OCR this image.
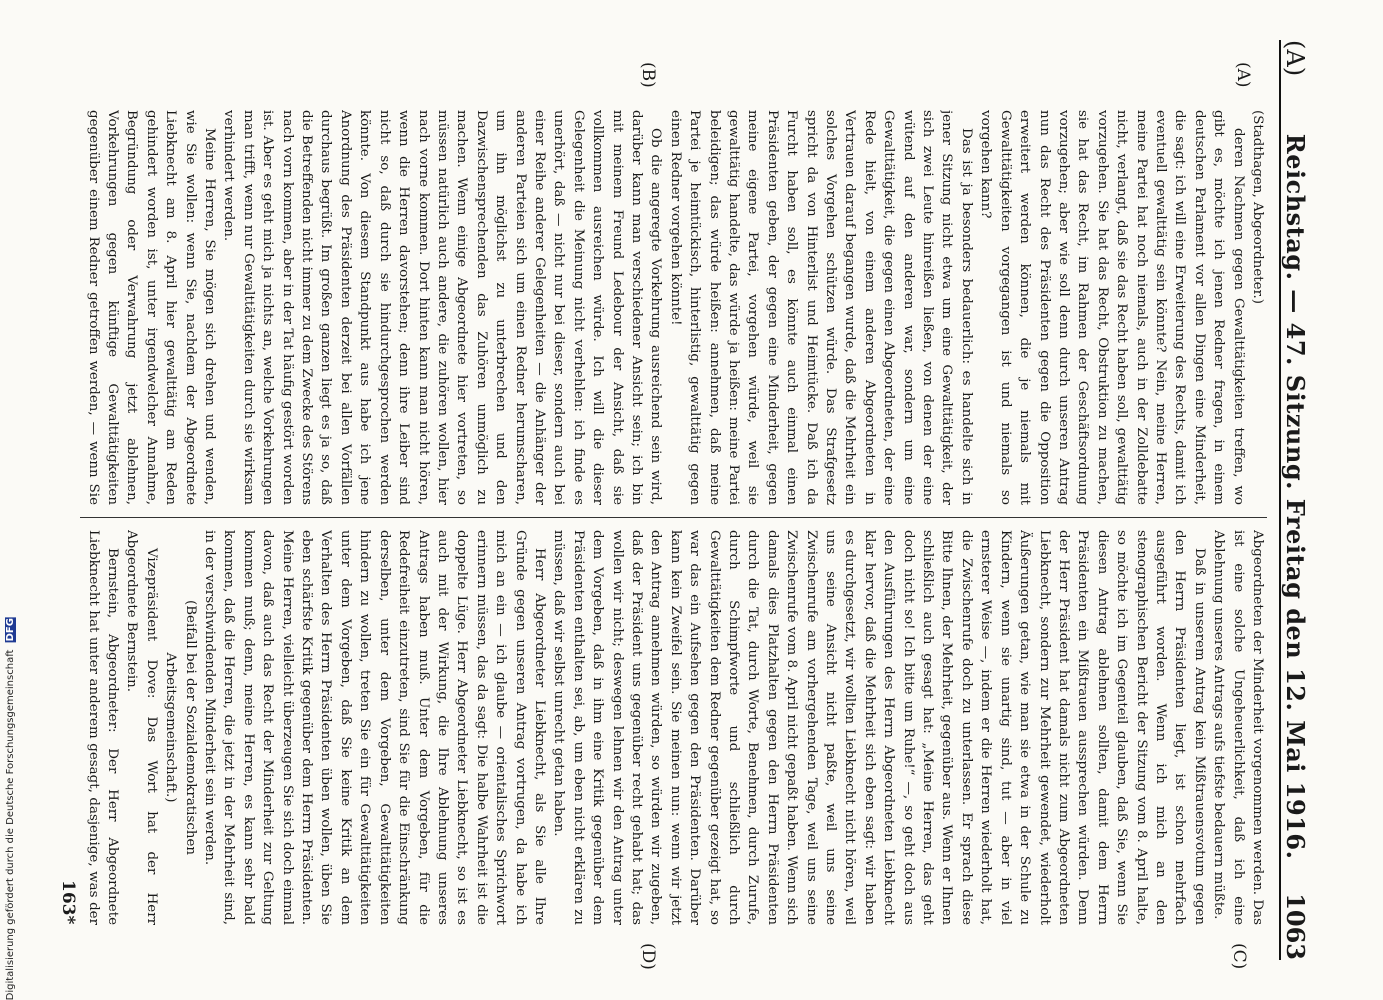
(A)
Reichstag. — 47. Sitzung. Freitag den 12. Mai 1916.
1063
(A)
(B)
(C)
(D)

(Stadthagen, Abgeordneter.)

deren Nachmen gegen Gewalttätigkeiten treffen, wo gibt es, möchte ich jenen Redner fragen, in einem deutschen Parlament vor allen Dingen eine Minderheit, die sagt: ich will eine Erweiterung des Rechts, damit ich eventuell gewalttätig sein könnte? Nein, meine Herren, meine Partei hat noch niemals, auch in der Zolldebatte nicht, verlangt, daß sie das Recht haben soll, gewalttätig vorzugehen. Sie hat das Recht, Obstruktion zu machen, sie hat das Recht, im Rahmen der Geschäftsordnung vorzugehen; aber wie soll denn durch unseren Antrag nun das Recht des Präsidenten gegen die Opposition erweitert werden können, die je niemals mit Gewalttätigkeiten vorgegangen ist und niemals so vorgehen kann?

Das ist ja besonders bedauerlich: es handelte sich in jener Sitzung nicht etwa um eine Gewalttätigkeit, der sich zwei Leute hinreißen ließen, von denen der eine wütend auf den anderen war, sondern um eine Gewalttätigkeit, die gegen einen Abgeordneten, der eine Rede hielt, von einem anderen Abgeordneten in Vertrauen darauf begangen wurde, daß die Mehrheit ein solches Vorgehen schützen würde. Das Strafgesetz spricht da von Hinterlist und Heimtücke. Daß ich da Furcht haben soll, es könnte auch einmal einen Präsidenten geben, der gegen eine Minderheit, gegen meine eigene Partei, vorgehen würde, weil sie gewalttätig handelte, das würde ja heißen: meine Partei beleidigen; das würde heißen: annehmen, daß meine Partei je heimtückisch, hinterlistig, gewalttätig gegen einen Redner vorgehen könnte!

Ob die angeregte Vorkehrung ausreichend sein wird, darüber kann man verschiedener Ansicht sein; ich bin mit meinem Freund Ledebour der Ansicht, daß sie vollkommen ausreichen würde. Ich will die dieser Gelegenheit die Meinung nicht verhehlen: ich finde es unerhört, daß — nicht nur bei dieser, sondern auch bei einer Reihe anderer Gelegenheiten — die Anhänger der anderen Parteien sich um einen Redner herumscharen, um ihn möglichst zu unterbrechen und den Dazwischensprechenden das Zuhören unmöglich zu machen. Wenn einige Abgeordnete hier vortreten, so müssen natürlich auch andere, die zuhören wollen, hier nach vorne kommen. Dort hinten kann man nicht hören, wenn die Herren davorstehen; denn ihre Leiber sind nicht so, daß durch sie hindurchgesprochen werden könnte. Von diesem Standpunkt aus habe ich jene Anordnung des Präsidenten derzeit bei allen Vorfällen durchaus begrüßt. Im großen ganzen liegt es ja so, daß die Betreffenden nicht immer zu dem Zwecke des Störens nach vorn kommen, aber in der Tat häufig gestört worden ist. Aber es geht mich ja nichts an, welche Vorkehrungen man trifft, wenn nur Gewalttätigkeiten durch sie wirksam verhindert werden.

Meine Herren, Sie mögen sich drehen und wenden, wie Sie wollen: wenn Sie, nachdem der Abgeordnete Liebknecht am 8. April hier gewalttätig am Reden gehindert worden ist, unter irgendwelcher Annahme, Begründung oder Verwahrung jetzt ablehnen, Vorkehrungen gegen künftige Gewalttätigkeiten gegenüber einem Redner getroffen werden, — wenn Sie

Abgeordneten der Minderheit vorgenommen werden. Das ist eine solche Ungeheuerlichkeit, daß ich eine Ablehnung unseres Antrags aufs tiefste bedauern müßte.

Daß in unserem Antrag kein Mißtrauensvotum gegen den Herrn Präsidenten liegt, ist schon mehrfach ausgeführt worden. Wenn ich mich an den stenographischen Bericht der Sitzung vom 8. April halte, so möchte ich im Gegenteil glauben, daß Sie, wenn Sie diesen Antrag ablehnen sollten, damit dem Herrn Präsidenten ein Mißtrauen aussprechen würden. Denn der Herr Präsident hat damals nicht zum Abgeordneten Liebknecht, sondern zur Mehrheit gewendet, wiederholt Äußerungen getan, wie man sie etwa in der Schule zu Kindern, wenn sie unartig sind, tut — aber in viel ernsterer Weise —, indem er die Herren wiederholt hat, die Zwischenrufe doch zu unterlassen. Er sprach diese Bitte Ihnen, der Mehrheit, gegenüber aus. Wenn er Ihnen schließlich auch gesagt hat: „Meine Herren, das geht doch nicht so! Ich bitte um Ruhe!“ —, so geht doch aus den Ausführungen des Herrn Abgeordneten Liebknecht klar hervor, daß die Mehrheit sich eben sagt: wir haben es durchgesetzt, wir wollten Liebknecht nicht hören, weil uns seine Ansicht nicht paßte, weil uns seine Zwischenrufe am vorhergehenden Tage, weil uns seine Zwischenrufe vom 8. April nicht gepaßt haben. Wenn sich damals dies Platzhalten gegen den Herrn Präsidenten durch die Tat, durch Worte, Benehmen, durch Zurufe, durch Schimpfworte und schließlich durch Gewalttätigkeiten dem Redner gegenüber gezeigt hat, so war das ein Aufsehen gegen den Präsidenten. Darüber kann kein Zweifel sein. Sie meinen nun: wenn wir jetzt den Antrag annehmen würden, so würden wir zugeben, daß der Präsident uns gegenüber recht gehabt hat; das wollen wir nicht; deswegen lehnen wir den Antrag unter dem Vorgeben, daß in ihm eine Kritik gegenüber dem Präsidenten enthalten sei, ab, um eben nicht erklären zu müssen, daß wir selbst unrecht getan haben.

Herr Abgeordneter Liebknecht, als Sie alle Ihre Gründe gegen unseren Antrag vortrugen, da habe ich mich an ein — ich glaube — orientalisches Sprichwort erinnern müssen, das da sagt: Die halbe Wahrheit ist die doppelte Lüge. Herr Abgeordneter Liebknecht, so ist es auch mit der Wirkung, die Ihre Ablehnung unseres Antrags haben muß. Unter dem Vorgeben, für die Redefreiheit einzutreten, sind Sie für die Einschränkung derselben, unter dem Vorgeben, Gewalttätigkeiten hindern zu wollen, treten Sie ein für Gewalttätigkeiten unter dem Vorgeben, daß Sie keine Kritik an dem Verhalten des Herrn Präsidenten üben wollen, üben Sie eben schärfste Kritik gegenüber dem Herrn Präsidenten. Meine Herren, vielleicht überzeugen Sie sich doch einmal davon, daß auch das Recht der Minderheit zur Geltung kommen muß; denn, meine Herren, es kann sehr bald kommen, daß die Herren, die jetzt in der Mehrheit sind, in der verschwindenden Minderheit sein werden.

(Beifall bei der Sozialdemokratischen Arbeitsgemeinschaft.)

Vizepräsident Dove: Das Wort hat der Herr Abgeordnete Bernstein.

Bernstein, Abgeordneter: Der Herr Abgeordnete Liebknecht hat unter anderem gesagt, dasjenige, was der

163*
Digitalisierung gefördert durch die Deutsche Forschungsgemeinschaft DFG
